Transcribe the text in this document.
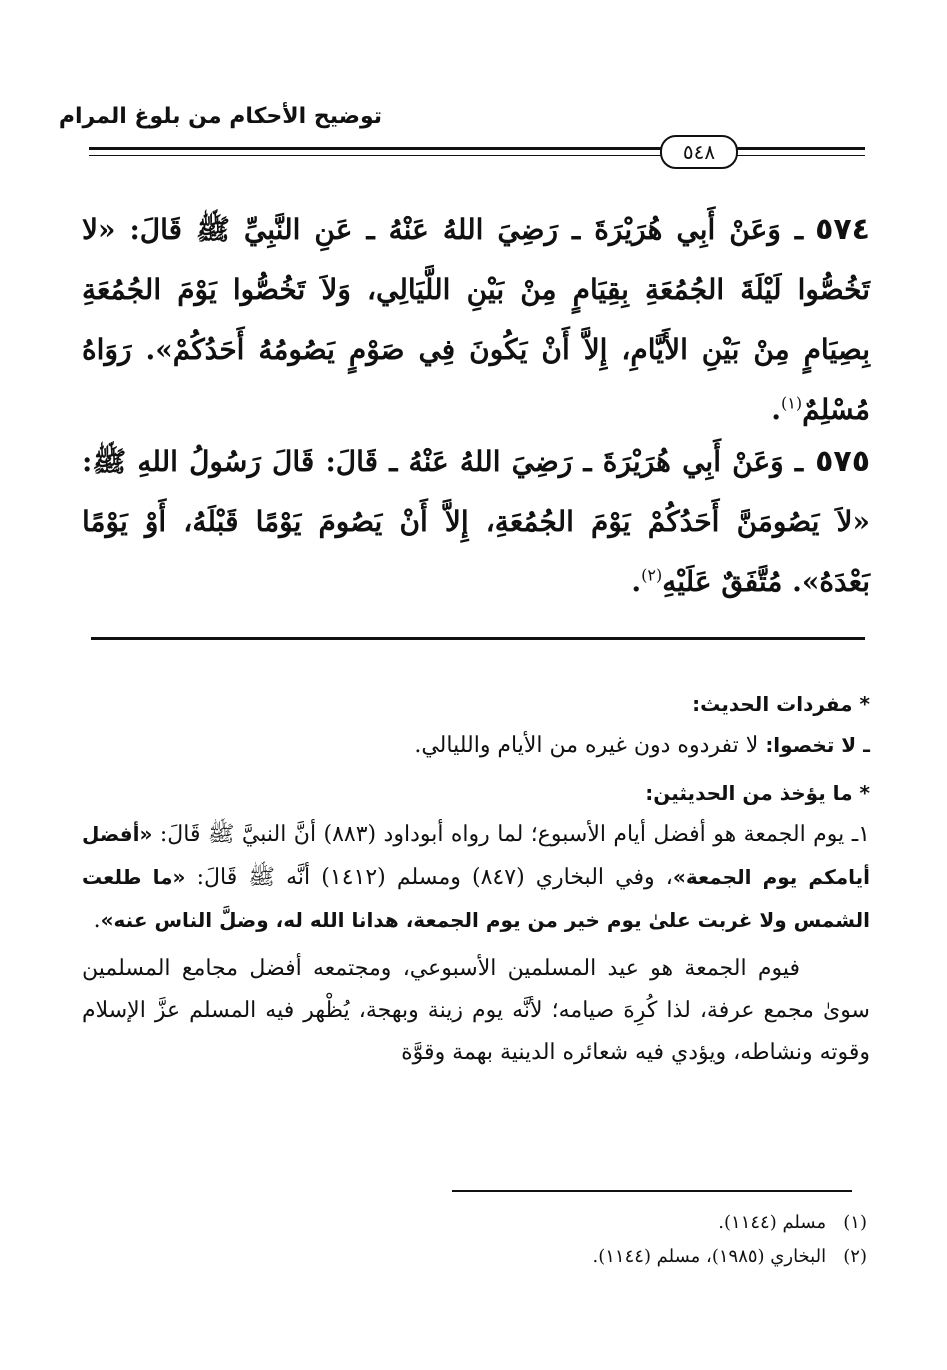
توضيح الأحكام من بلوغ المرام
٥٤٨
٥٧٤ـ وَعَنْ أَبِي هُرَيْرَةَ ـ رَضِيَ اللهُ عَنْهُ ـ عَنِ النَّبِيِّ ﷺ قَالَ: «لا تَخُصُّوا لَيْلَةَ الجُمُعَةِ بِقِيَامٍ مِنْ بَيْنِ اللَّيَالِي، وَلاَ تَخُصُّوا يَوْمَ الجُمُعَةِ بِصِيَامٍ مِنْ بَيْنِ الأَيَّامِ، إِلاَّ أَنْ يَكُونَ فِي صَوْمٍ يَصُومُهُ أَحَدُكُمْ». رَوَاهُ مُسْلِمٌ$^{(١)}$.
٥٧٥ـ وَعَنْ أَبِي هُرَيْرَةَ ـ رَضِيَ اللهُ عَنْهُ ـ قَالَ: قَالَ رَسُولُ اللهِ ﷺ: «لاَ يَصُومَنَّ أَحَدُكُمْ يَوْمَ الجُمُعَةِ، إِلاَّ أَنْ يَصُومَ يَوْمًا قَبْلَهُ، أَوْ يَوْمًا بَعْدَهُ». مُتَّفَقٌ عَلَيْهِ$^{(٢)}$.

* مفردات الحديث:

ـ لا تخصوا: لا تفردوه دون غيره من الأيام والليالي.

* ما يؤخذ من الحديثين:

١ـ يوم الجمعة هو أفضل أيام الأسبوع؛ لما رواه أبوداود (٨٨٣) أنَّ النبيَّ ﷺ قَالَ: «أفضل أيامكم يوم الجمعة»، وفي البخاري (٨٤٧) ومسلم (١٤١٢) أنَّه ﷺ قَالَ: «ما طلعت الشمس ولا غربت علىٰ يوم خير من يوم الجمعة، هدانا الله له، وضلَّ الناس عنه».

فيوم الجمعة هو عيد المسلمين الأسبوعي، ومجتمعه أفضل مجامع المسلمين سوىٰ مجمع عرفة، لذا كُرِهَ صيامه؛ لأنَّه يوم زينة وبهجة، يُظْهر فيه المسلم عزَّ الإسلام وقوته ونشاطه، ويؤدي فيه شعائره الدينية بهمة وقوَّة

(١)   مسلم (١١٤٤).

(٢)   البخاري (١٩٨٥)، مسلم (١١٤٤).
